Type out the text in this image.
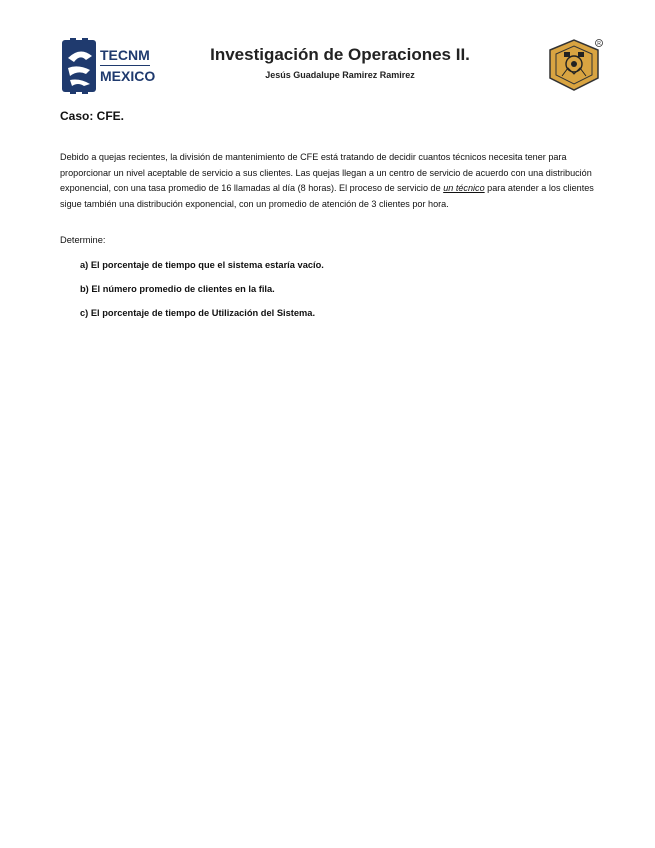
TECNM
MEXICO
Investigación de Operaciones II.
Jesús Guadalupe Ramirez Ramirez
R
Caso: CFE.
Debido a quejas recientes, la división de mantenimiento de CFE está tratando de decidir cuantos técnicos necesita tener para proporcionar un nivel aceptable de servicio a sus clientes. Las quejas llegan a un centro de servicio de acuerdo con una distribución exponencial, con una tasa promedio de 16 llamadas al día (8 horas). El proceso de servicio de un técnico para atender a los clientes sigue también una distribución exponencial, con un promedio de atención de 3 clientes por hora.
Determine:
a) El porcentaje de tiempo que el sistema estaría vacío.
b) El número promedio de clientes en la fila.
c) El porcentaje de tiempo de Utilización del Sistema.
